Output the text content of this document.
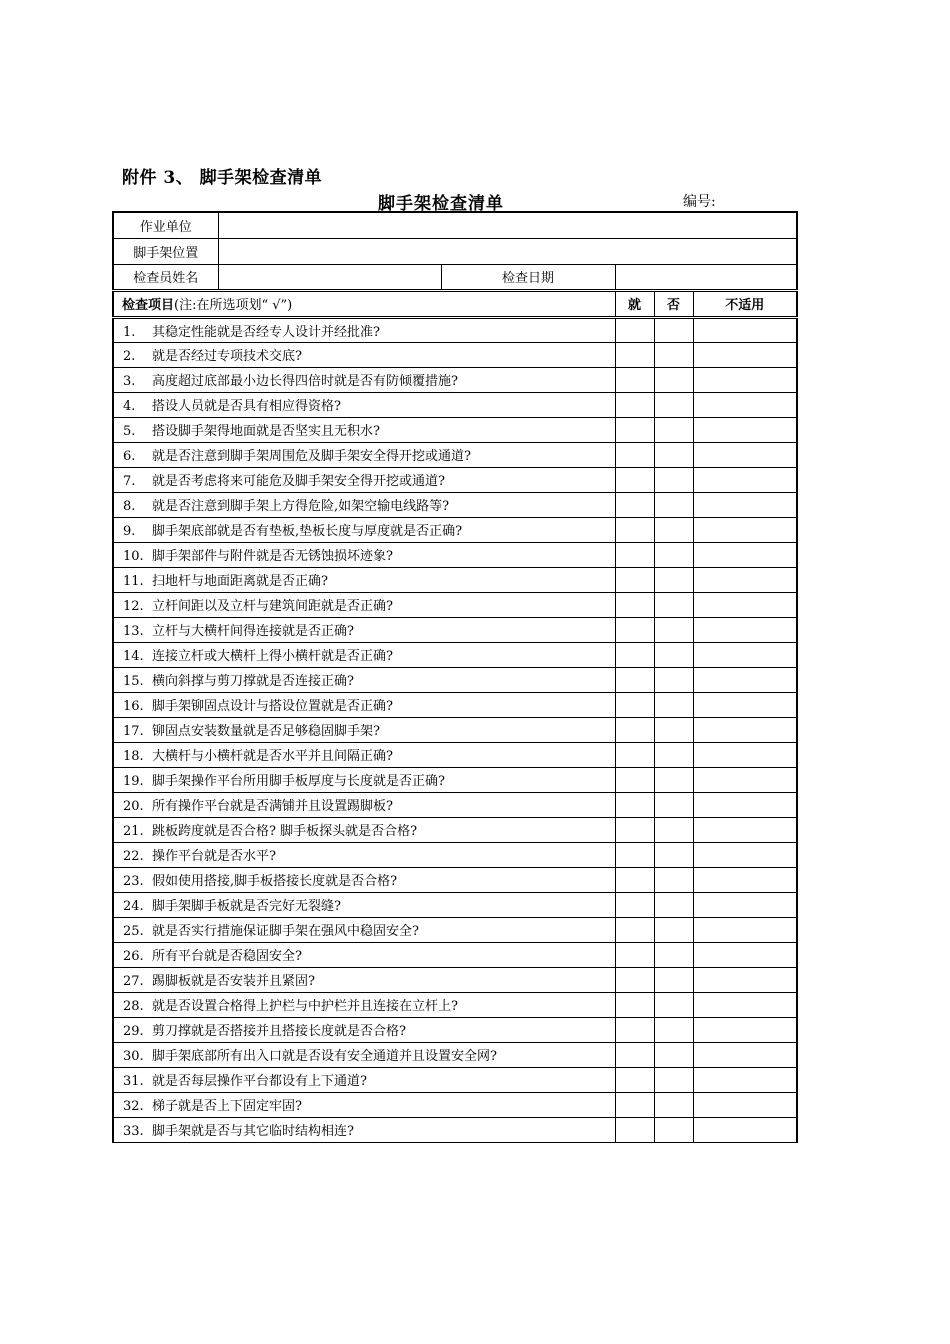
附件 3、 脚手架检查清单
脚手架检查清单	编号:
作业单位					
脚手架位置					
检查员姓名		检查日期			
检查项目(注:在所选项划“ √”)			就	否	不适用
1. 其稳定性能就是否经专人设计并经批准?					
2. 就是否经过专项技术交底?					
3. 高度超过底部最小边长得四倍时就是否有防倾覆措施?					
4. 搭设人员就是否具有相应得资格?					
5. 搭设脚手架得地面就是否坚实且无积水?					
6. 就是否注意到脚手架周围危及脚手架安全得开挖或通道?					
7. 就是否考虑将来可能危及脚手架安全得开挖或通道?					
8. 就是否注意到脚手架上方得危险,如架空输电线路等?					
9. 脚手架底部就是否有垫板,垫板长度与厚度就是否正确?					
10. 脚手架部件与附件就是否无锈蚀损坏迹象?					
11. 扫地杆与地面距离就是否正确?					
12. 立杆间距以及立杆与建筑间距就是否正确?					
13. 立杆与大横杆间得连接就是否正确?					
14. 连接立杆或大横杆上得小横杆就是否正确?					
15. 横向斜撑与剪刀撑就是否连接正确?					
16. 脚手架铆固点设计与搭设位置就是否正确?					
17. 铆固点安装数量就是否足够稳固脚手架?					
18. 大横杆与小横杆就是否水平并且间隔正确?					
19. 脚手架操作平台所用脚手板厚度与长度就是否正确?					
20. 所有操作平台就是否满铺并且设置踢脚板?					
21. 跳板跨度就是否合格? 脚手板探头就是否合格?					
22. 操作平台就是否水平?					
23. 假如使用搭接,脚手板搭接长度就是否合格?					
24. 脚手架脚手板就是否完好无裂缝?					
25. 就是否实行措施保证脚手架在强风中稳固安全?					
26. 所有平台就是否稳固安全?					
27. 踢脚板就是否安装并且紧固?					
28. 就是否设置合格得上护栏与中护栏并且连接在立杆上?					
29. 剪刀撑就是否搭接并且搭接长度就是否合格?					
30. 脚手架底部所有出入口就是否设有安全通道并且设置安全网?					
31. 就是否每层操作平台都设有上下通道?					
32. 梯子就是否上下固定牢固?					
33. 脚手架就是否与其它临时结构相连?					
